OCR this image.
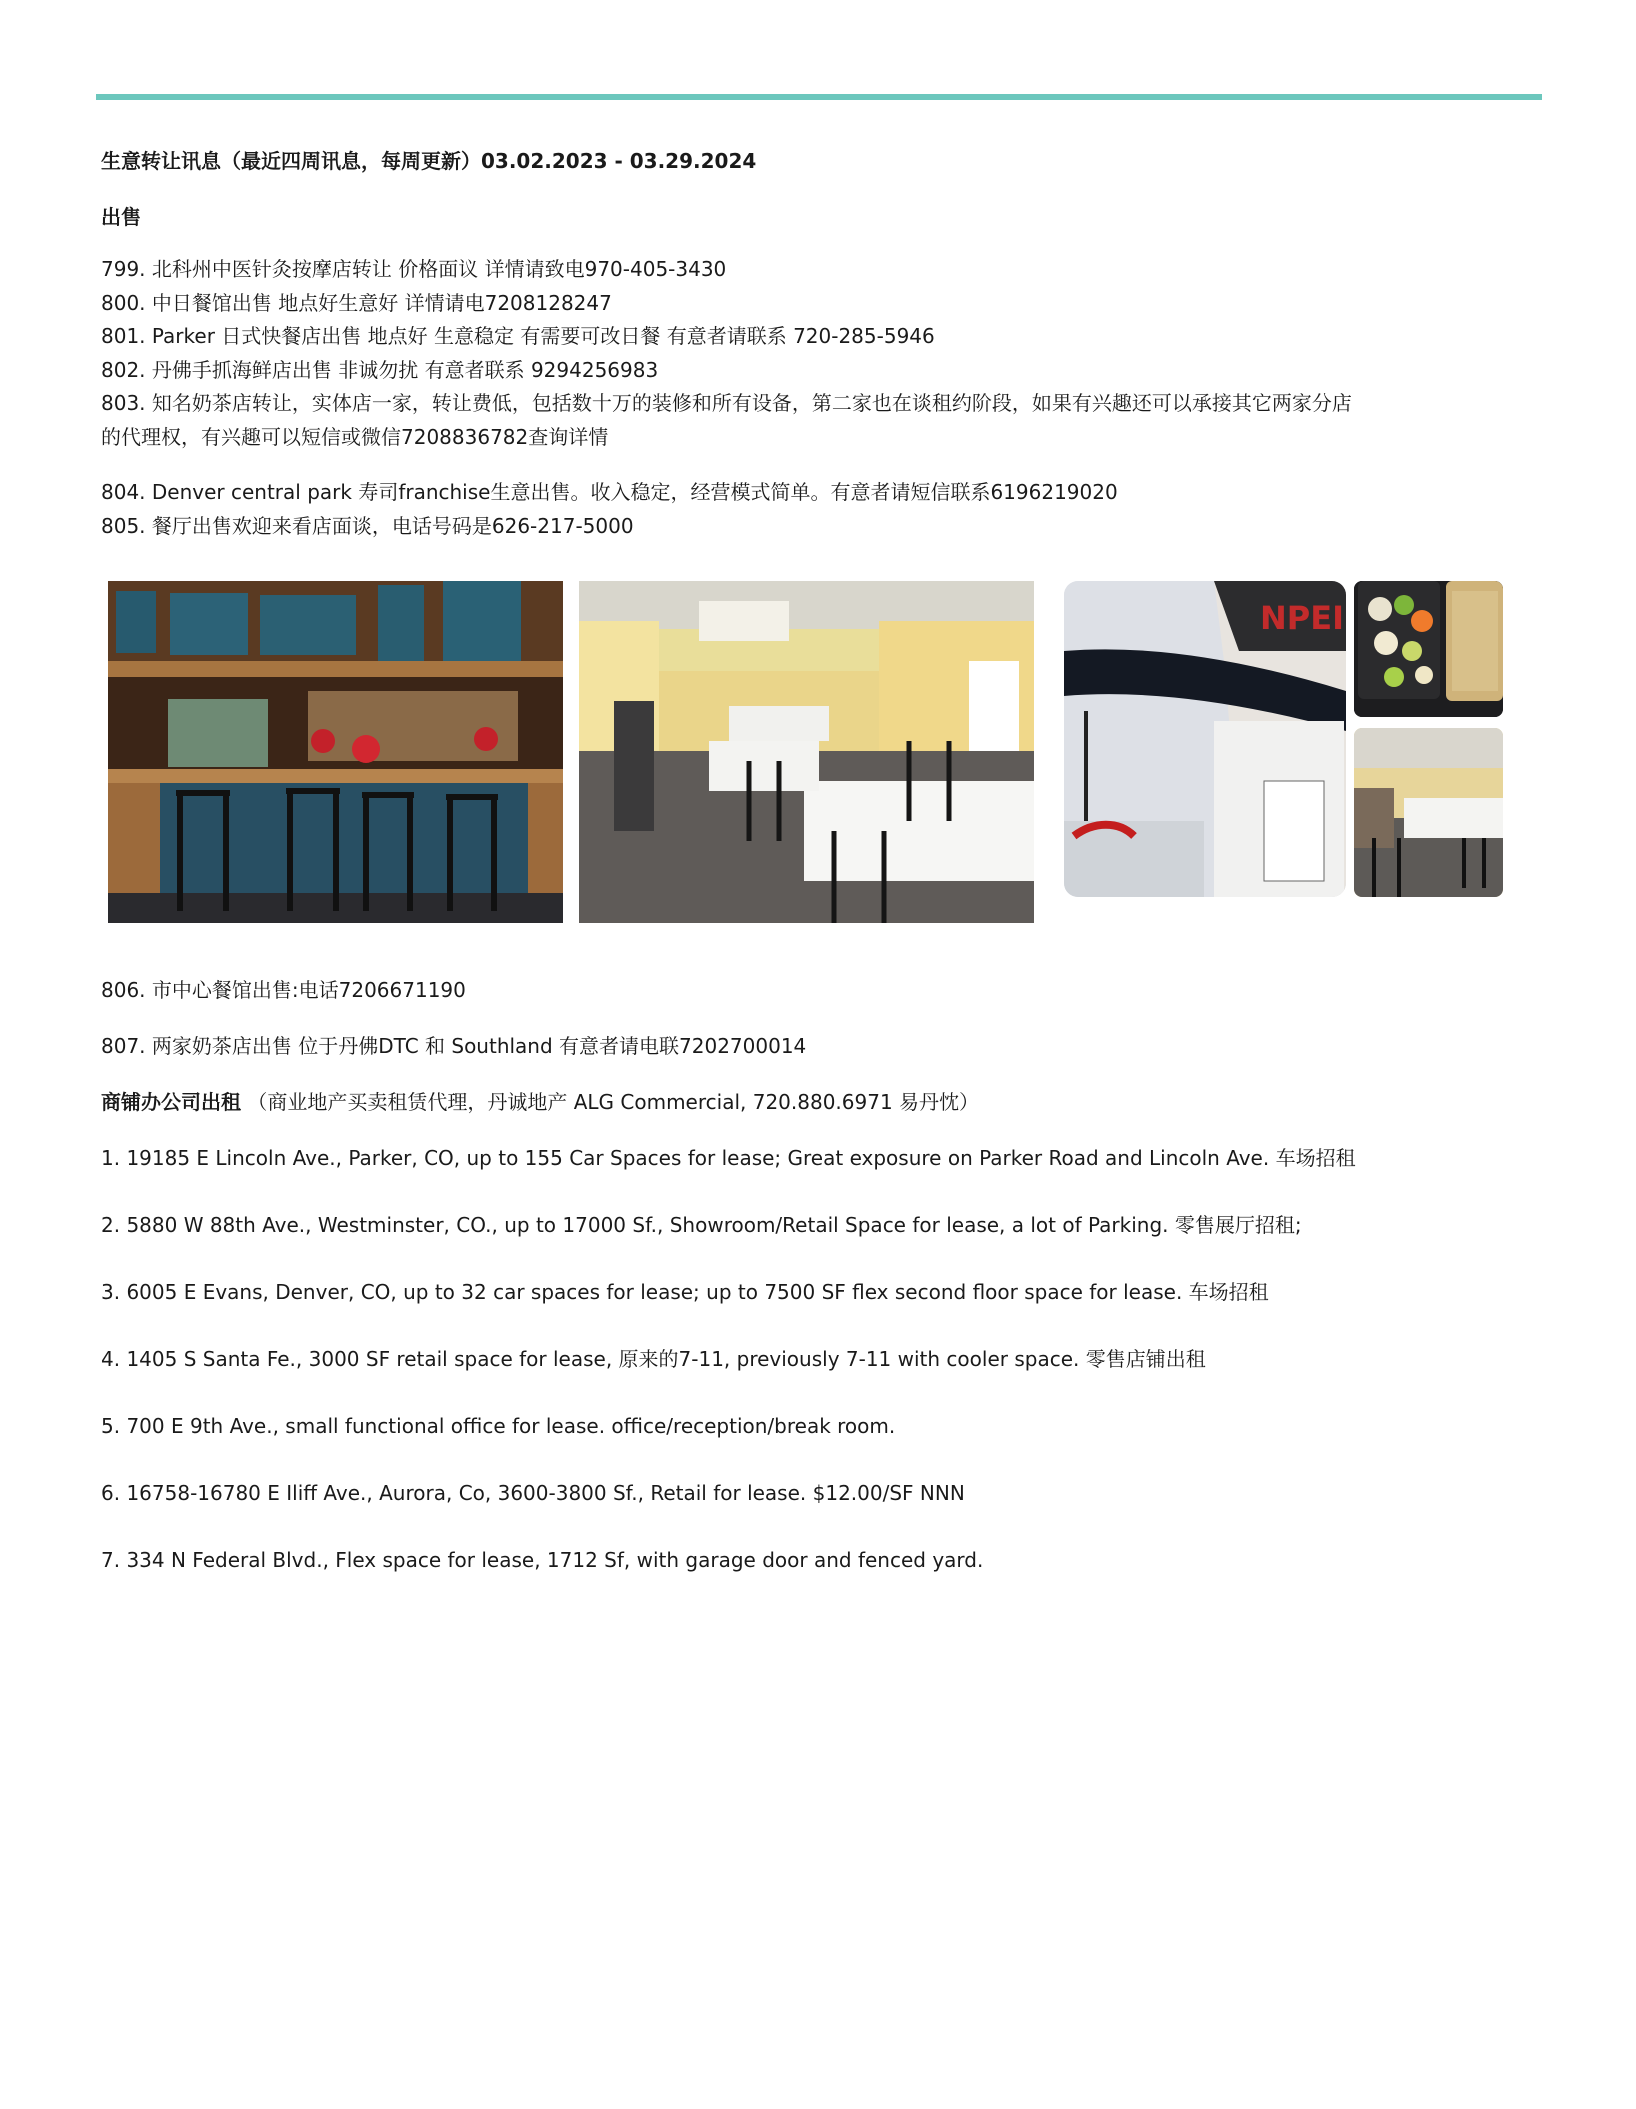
生意转让讯息（最近四周讯息，每周更新）03.02.2023 - 03.29.2024

出售

799. 北科州中医针灸按摩店转让 价格面议 详情请致电970-405-3430

800. 中日餐馆出售 地点好生意好 详情请电7208128247

801. Parker 日式快餐店出售 地点好 生意稳定 有需要可改日餐 有意者请联系 720-285-5946

802. 丹佛手抓海鲜店出售 非诚勿扰 有意者联系 9294256983

803. 知名奶茶店转让，实体店一家，转让费低，包括数十万的装修和所有设备，第二家也在谈租约阶段，如果有兴趣还可以承接其它两家分店

的代理权，有兴趣可以短信或微信7208836782查询详情

804. Denver central park 寿司franchise生意出售。收入稳定，经营模式简单。有意者请短信联系6196219020

805. 餐厅出售欢迎来看店面谈，电话号码是626-217-5000

NPEI

806. 市中心餐馆出售:电话7206671190

807. 两家奶茶店出售 位于丹佛DTC 和 Southland 有意者请电联7202700014

商铺办公司出租 （商业地产买卖租赁代理，丹诚地产 ALG Commercial, 720.880.6971 易丹忱）

1. 19185 E Lincoln Ave., Parker, CO, up to 155 Car Spaces for lease; Great exposure on Parker Road and Lincoln Ave. 车场招租

2. 5880 W 88th Ave., Westminster, CO., up to 17000 Sf., Showroom/Retail Space for lease, a lot of Parking. 零售展厅招租;

3. 6005 E Evans, Denver, CO, up to 32 car spaces for lease; up to 7500 SF flex second floor space for lease. 车场招租

4. 1405 S Santa Fe., 3000 SF retail space for lease, 原来的7-11, previously 7-11 with cooler space. 零售店铺出租

5. 700 E 9th Ave., small functional office for lease. office/reception/break room.

6. 16758-16780 E Iliff Ave., Aurora, Co, 3600-3800 Sf., Retail for lease. $12.00/SF NNN

7. 334 N Federal Blvd., Flex space for lease, 1712 Sf, with garage door and fenced yard.
